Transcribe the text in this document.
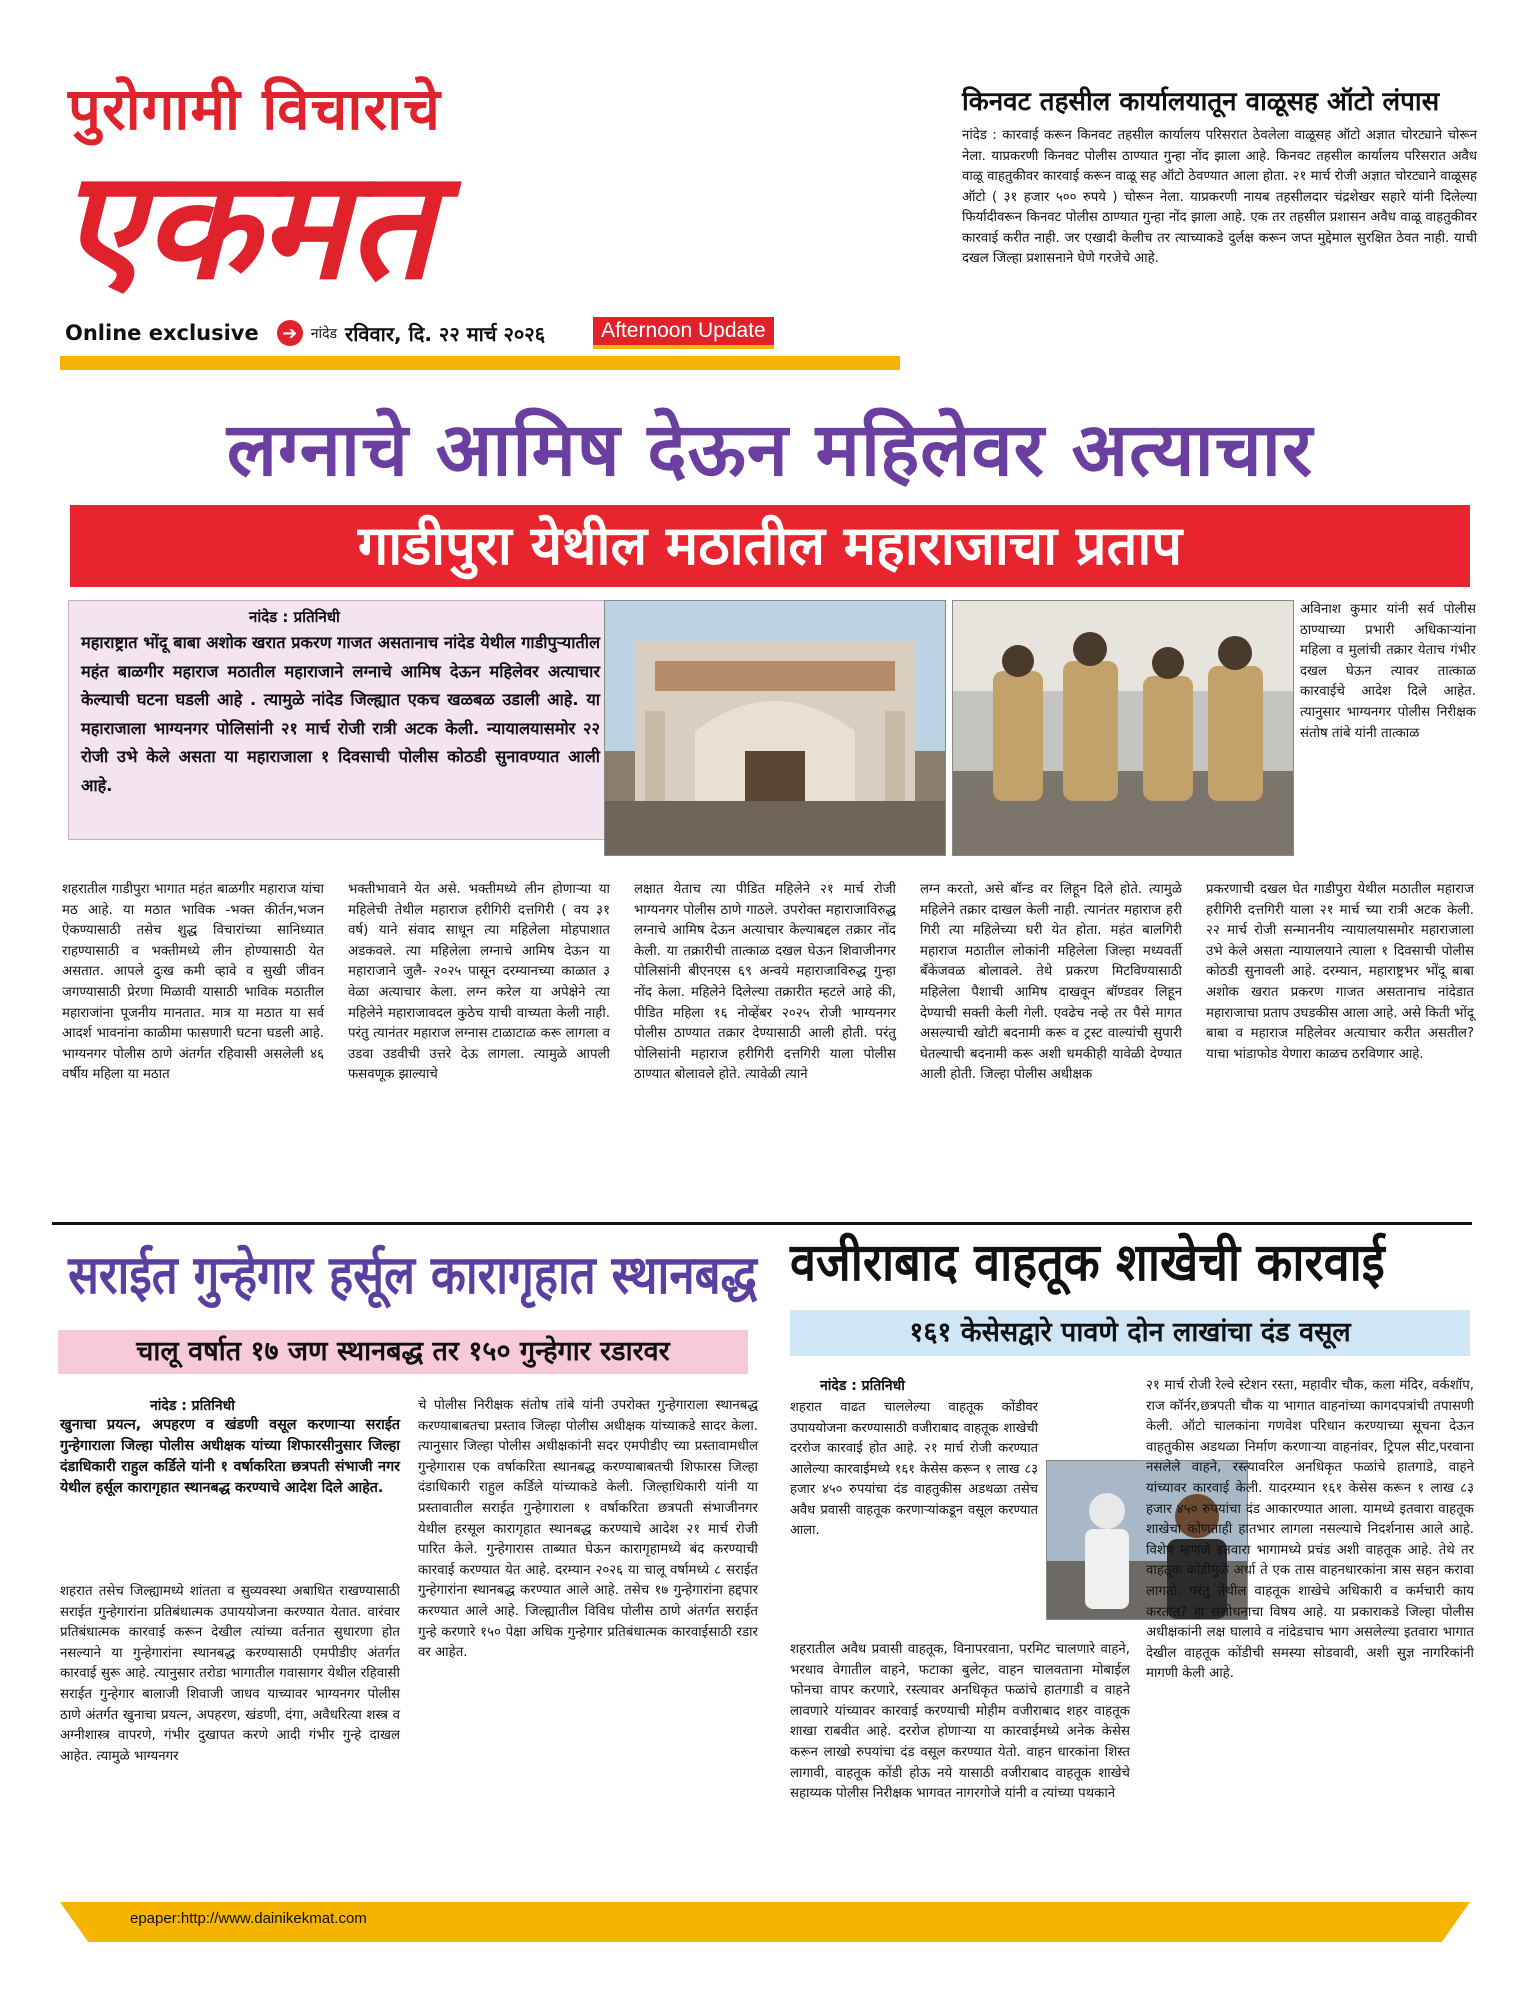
पुरोगामी विचाराचे
एकमत
Online exclusive	➔ नांदेड रविवार, दि. २२ मार्च २०२६	Afternoon Update
किनवट तहसील कार्यालयातून वाळूसह ऑटो लंपास
नांदेड : कारवाई करून किनवट तहसील कार्यालय परिसरात ठेवलेला वाळूसह ऑटो अज्ञात चोरट्याने चोरून नेला. याप्रकरणी किनवट पोलीस ठाण्यात गुन्हा नोंद झाला आहे. किनवट तहसील कार्यालय परिसरात अवैध वाळू वाहतुकीवर कारवाई करून वाळू सह ऑटो ठेवण्यात आला होता. २१ मार्च रोजी अज्ञात चोरट्याने वाळूसह ऑटो ( ३१ हजार ५०० रुपये ) चोरून नेला. याप्रकरणी नायब तहसीलदार चंद्रशेखर सहारे यांनी दिलेल्या फिर्यादीवरून किनवट पोलीस ठाण्यात गुन्हा नोंद झाला आहे. एक तर तहसील प्रशासन अवैध वाळू वाहतुकीवर कारवाई करीत नाही. जर एखादी केलीच तर त्याच्याकडे दुर्लक्ष करून जप्त मुद्देमाल सुरक्षित ठेवत नाही. याची दखल जिल्हा प्रशासनाने घेणे गरजेचे आहे.
लग्नाचे आमिष देऊन महिलेवर अत्याचार
गाडीपुरा येथील मठातील महाराजाचा प्रताप
नांदेड : प्रतिनिधी
महाराष्ट्रात भोंदू बाबा अशोक खरात प्रकरण गाजत असतानाच नांदेड येथील गाडीपुऱ्यातील महंत बाळगीर महाराज मठातील महाराजाने लग्नाचे आमिष देऊन महिलेवर अत्याचार केल्याची घटना घडली आहे . त्यामुळे नांदेड जिल्ह्यात एकच खळबळ उडाली आहे. या महाराजाला भाग्यनगर पोलिसांनी २१ मार्च रोजी रात्री अटक केली. न्यायालयासमोर २२ रोजी उभे केले असता या महाराजाला १ दिवसाची पोलीस कोठडी सुनावण्यात आली आहे.
अविनाश कुमार यांनी सर्व पोलीस ठाण्याच्या प्रभारी अधिकाऱ्यांना महिला व मुलांची तक्रार येताच गंभीर दखल घेऊन त्यावर तात्काळ कारवाईचे आदेश दिले आहेत. त्यानुसार भाग्यनगर पोलीस निरीक्षक संतोष तांबे यांनी तात्काळ
शहरातील गाडीपुरा भागात महंत बाळगीर महाराज यांचा मठ आहे. या मठात भाविक -भक्त कीर्तन,भजन ऐकण्यासाठी तसेच शुद्ध विचारांच्या सानिध्यात राहण्यासाठी व भक्तीमध्ये लीन होण्यासाठी येत असतात. आपले दुःख कमी व्हावे व सुखी जीवन जगण्यासाठी प्रेरणा मिळावी यासाठी भाविक मठातील महाराजांना पूजनीय मानतात. मात्र या मठात या सर्व आदर्श भावनांना काळीमा फासणारी घटना घडली आहे. भाग्यनगर पोलीस ठाणे अंतर्गत रहिवासी असलेली ४६ वर्षीय महिला या मठात
भक्तीभावाने येत असे. भक्तीमध्ये लीन होणाऱ्या या महिलेची तेथील महाराज हरीगिरी दत्तगिरी ( वय ३१ वर्ष) याने संवाद साधून त्या महिलेला मोहपाशात अडकवले. त्या महिलेला लग्नाचे आमिष देऊन या महाराजाने जुलै- २०२५ पासून दरम्यानच्या काळात ३ वेळा अत्याचार केला. लग्न करेल या अपेक्षेने त्या महिलेने महाराजावदल कुठेच याची वाच्यता केली नाही. परंतु त्यानंतर महाराज लग्नास टाळाटाळ करू लागला व उडवा उडवीची उत्तरे देऊ लागला. त्यामुळे आपली फसवणूक झाल्याचे
लक्षात येताच त्या पीडित महिलेने २१ मार्च रोजी भाग्यनगर पोलीस ठाणे गाठले. उपरोक्त महाराजाविरुद्ध लग्नाचे आमिष देऊन अत्याचार केल्याबद्दल तक्रार नोंद केली. या तक्रारीची तात्काळ दखल घेऊन शिवाजीनगर पोलिसांनी बीएनएस ६९ अन्वये महाराजाविरुद्ध गुन्हा नोंद केला. महिलेने दिलेल्या तक्रारीत म्हटले आहे की, पीडित महिला १६ नोव्हेंबर २०२५ रोजी भाग्यनगर पोलीस ठाण्यात तक्रार देण्यासाठी आली होती. परंतु पोलिसांनी महाराज हरीगिरी दत्तगिरी याला पोलीस ठाण्यात बोलावले होते. त्यावेळी त्याने
लग्न करतो, असे बॉन्ड वर लिहून दिले होते. त्यामुळे महिलेने तक्रार दाखल केली नाही. त्यानंतर महाराज हरी गिरी त्या महिलेच्या घरी येत होता. महंत बालगिरी महाराज मठातील लोकांनी महिलेला जिल्हा मध्यवर्ती बँकेजवळ बोलावले. तेथे प्रकरण मिटविण्यासाठी महिलेला पैशाची आमिष दाखवून बॉण्डवर लिहून देण्याची सक्ती केली गेली. एवढेच नव्हे तर पैसे मागत असल्याची खोटी बदनामी करू व ट्रस्ट वाल्यांची सुपारी घेतल्याची बदनामी करू अशी धमकीही यावेळी देण्यात आली होती. जिल्हा पोलीस अधीक्षक
प्रकरणाची दखल घेत गाडीपुरा येथील मठातील महाराज हरीगिरी दत्तगिरी याला २१ मार्च च्या रात्री अटक केली. २२ मार्च रोजी सन्माननीय न्यायालयासमोर महाराजाला उभे केले असता न्यायालयाने त्याला १ दिवसाची पोलीस कोठडी सुनावली आहे. दरम्यान, महाराष्ट्रभर भोंदू बाबा अशोक खरात प्रकरण गाजत असतानाच नांदेडात महाराजाचा प्रताप उघडकीस आला आहे. असे किती भोंदू बाबा व महाराज महिलेवर अत्याचार करीत असतील? याचा भांडाफोड येणारा काळच ठरविणार आहे.
सराईत गुन्हेगार हर्सूल कारागृहात स्थानबद्ध
चालू वर्षात १७ जण स्थानबद्ध तर १५० गुन्हेगार रडारवर
नांदेड : प्रतिनिधी
खुनाचा प्रयत्न, अपहरण व खंडणी वसूल करणाऱ्या सराईत गुन्हेगाराला जिल्हा पोलीस अधीक्षक यांच्या शिफारसीनुसार जिल्हा दंडाधिकारी राहुल कर्डिले यांनी १ वर्षाकरिता छत्रपती संभाजी नगर येथील हर्सूल कारागृहात स्थानबद्ध करण्याचे आदेश दिले आहेत.
शहरात तसेच जिल्ह्यामध्ये शांतता व सुव्यवस्था अबाधित राखण्यासाठी सराईत गुन्हेगारांना प्रतिबंधात्मक उपाययोजना करण्यात येतात. वारंवार प्रतिबंधात्मक कारवाई करून देखील त्यांच्या वर्तनात सुधारणा होत नसल्याने या गुन्हेगारांना स्थानबद्ध करण्यासाठी एमपीडीए अंतर्गत कारवाई सुरू आहे. त्यानुसार तरोडा भागातील गवासागर येथील रहिवासी सराईत गुन्हेगार बालाजी शिवाजी जाधव याच्यावर भाग्यनगर पोलीस ठाणे अंतर्गत खुनाचा प्रयत्न, अपहरण, खंडणी, दंगा, अवैधरित्या शस्त्र व अग्नीशास्त्र वापरणे, गंभीर दुखापत करणे आदी गंभीर गुन्हे दाखल आहेत. त्यामुळे भाग्यनगर
चे पोलीस निरीक्षक संतोष तांबे यांनी उपरोक्त गुन्हेगाराला स्थानबद्ध करण्याबाबतचा प्रस्ताव जिल्हा पोलीस अधीक्षक यांच्याकडे सादर केला. त्यानुसार जिल्हा पोलीस अधीक्षकांनी सदर एमपीडीए च्या प्रस्तावामधील गुन्हेगारास एक वर्षाकरिता स्थानबद्ध करण्याबाबतची शिफारस जिल्हा दंडाधिकारी राहुल कर्डिले यांच्याकडे केली. जिल्हाधिकारी यांनी या प्रस्तावातील सराईत गुन्हेगाराला १ वर्षाकरिता छत्रपती संभाजीनगर येथील हरसूल कारागृहात स्थानबद्ध करण्याचे आदेश २१ मार्च रोजी पारित केले. गुन्हेगारास ताब्यात घेऊन कारागृहामध्ये बंद करण्याची कारवाई करण्यात येत आहे. दरम्यान २०२६ या चालू वर्षामध्ये ८ सराईत गुन्हेगारांना स्थानबद्ध करण्यात आले आहे. तसेच १७ गुन्हेगारांना हद्दपार करण्यात आले आहे. जिल्ह्यातील विविध पोलीस ठाणे अंतर्गत सराईत गुन्हे करणारे १५० पेक्षा अधिक गुन्हेगार प्रतिबंधात्मक कारवाईसाठी रडार वर आहेत.
वजीराबाद वाहतूक शाखेची कारवाई
१६१ केसेसद्वारे पावणे दोन लाखांचा दंड वसूल
नांदेड : प्रतिनिधी
शहरात वाढत चाललेल्या वाहतूक कोंडीवर उपाययोजना करण्यासाठी वजीराबाद वाहतूक शाखेची दररोज कारवाई होत आहे. २१ मार्च रोजी करण्यात आलेल्या कारवाईमध्ये १६१ केसेस करून १ लाख ८३ हजार ४५० रुपयांचा दंड वाहतुकीस अडथळा तसेच अवैध प्रवासी वाहतूक करणाऱ्यांकडून वसूल करण्यात आला.
शहरातील अवैध प्रवासी वाहतूक, विनापरवाना, परमिट चालणारे वाहने, भरधाव वेगातील वाहने, फटाका बुलेट, वाहन चालवताना मोबाईल फोनचा वापर करणारे, रस्त्यावर अनधिकृत फळांचे हातगाडी व वाहने लावणारे यांच्यावर कारवाई करण्याची मोहीम वजीराबाद शहर वाहतूक शाखा राबवीत आहे. दररोज होणाऱ्या या कारवाईमध्ये अनेक केसेस करून लाखो रुपयांचा दंड वसूल करण्यात येतो. वाहन धारकांना शिस्त लागावी, वाहतूक कोंडी होऊ नये यासाठी वजीराबाद वाहतूक शाखेचे सहाय्यक पोलीस निरीक्षक भागवत नागरगोजे यांनी व त्यांच्या पथकाने
२१ मार्च रोजी रेल्वे स्टेशन रस्ता, महावीर चौक, कला मंदिर, वर्कशॉप, राज कॉर्नर,छत्रपती चौक या भागात वाहनांच्या कागदपत्रांची तपासणी केली. ऑटो चालकांना गणवेश परिधान करण्याच्या सूचना देऊन वाहतुकीस अडथळा निर्माण करणाऱ्या वाहनांवर, ट्रिपल सीट,परवाना नसलेले वाहने, रस्त्यावरिल अनधिकृत फळांचे हातगाडे, वाहने यांच्यावर कारवाई केली. यादरम्यान १६१ केसेस करून १ लाख ८३ हजार ४५० रुपयांचा दंड आकारण्यात आला. यामध्ये इतवारा वाहतूक शाखेचा कोणताही हातभार लागला नसल्याचे निदर्शनास आले आहे. विशेष म्हणजे इतवारा भागामध्ये प्रचंड अशी वाहतूक आहे. तेथे तर वाहतूक कोंडीमुळे अर्धा ते एक तास वाहनधारकांना त्रास सहन करावा लागतो. परंतु तेथील वाहतूक शाखेचे अधिकारी व कर्मचारी काय करतात? हा संशोधनाचा विषय आहे. या प्रकाराकडे जिल्हा पोलीस अधीक्षकांनी लक्ष घालावे व नांदेडचाच भाग असलेल्या इतवारा भागात देखील वाहतूक कोंडीची समस्या सोडवावी, अशी सुज्ञ नागरिकांनी मागणी केली आहे.
epaper:http://www.dainikekmat.com
